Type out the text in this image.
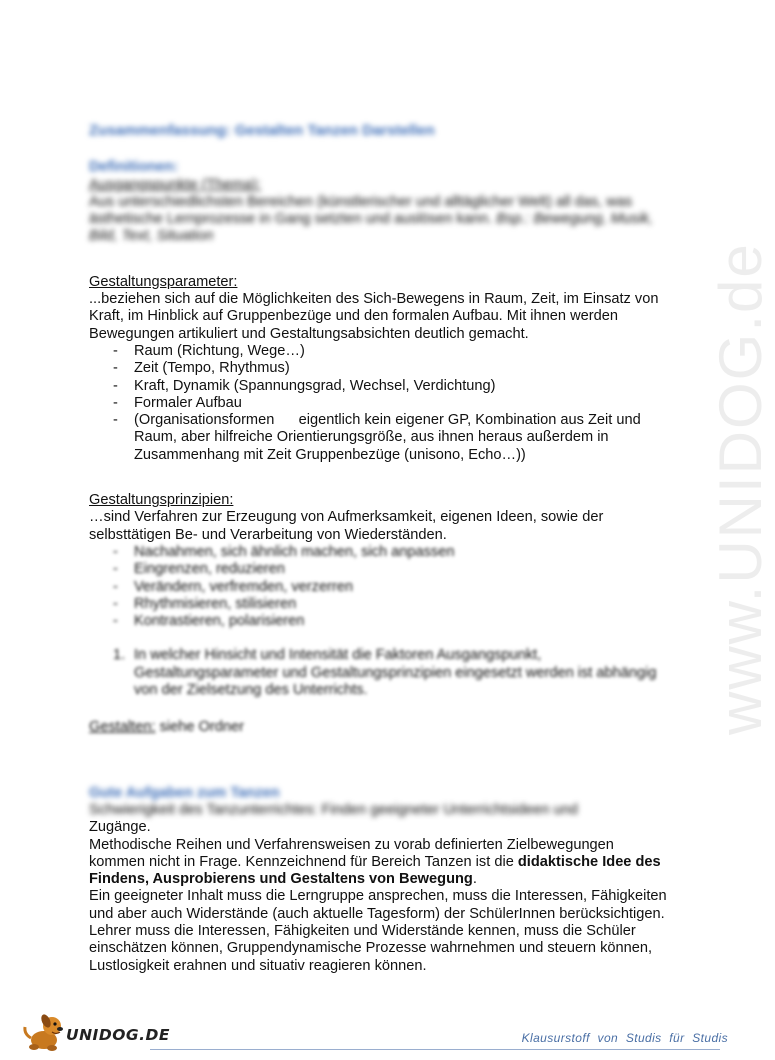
www.UNIDOG.de
Zusammenfassung: Gestalten Tanzen Darstellen
Definitionen:
Ausgangspunkte (Thema):

Aus unterschiedlichsten Bereichen (künstlerischer und alltäglicher Welt) all das, was ästhetische Lernprozesse in Gang setzten und auslösen kann. Bsp.: Bewegung, Musik, Bild, Text, Situation

Gestaltungsparameter:

...beziehen sich auf die Möglichkeiten des Sich-Bewegens in Raum, Zeit, im Einsatz von Kraft, im Hinblick auf Gruppenbezüge und den formalen Aufbau. Mit ihnen werden Bewegungen artikuliert und Gestaltungsabsichten deutlich gemacht.

- Raum (Richtung, Wege…)
- Zeit (Tempo, Rhythmus)
- Kraft, Dynamik (Spannungsgrad, Wechsel, Verdichtung)
- Formaler Aufbau
- (Organisationsformen      eigentlich kein eigener GP, Kombination aus Zeit und Raum, aber hilfreiche Orientierungsgröße, aus ihnen heraus außerdem in Zusammenhang mit Zeit Gruppenbezüge (unisono, Echo…))
Gestaltungsprinzipien:

…sind Verfahren zur Erzeugung von Aufmerksamkeit, eigenen Ideen, sowie der selbsttätigen Be- und Verarbeitung von Wiederständen.

- Nachahmen, sich ähnlich machen, sich anpassen
- Eingrenzen, reduzieren
- Verändern, verfremden, verzerren
- Rhythmisieren, stilisieren
- Kontrastieren, polarisieren
1. In welcher Hinsicht und Intensität die Faktoren Ausgangspunkt, Gestaltungsparameter und Gestaltungsprinzipien eingesetzt werden ist abhängig von der Zielsetzung des Unterrichts.

Gestalten: siehe Ordner

Gute Aufgaben zum Tanzen
Schwierigkeit des Tanzunterrichtes: Finden geeigneter Unterrichtsideen und

Zugänge.

Methodische Reihen und Verfahrensweisen zu vorab definierten Zielbewegungen kommen nicht in Frage. Kennzeichnend für Bereich Tanzen ist die didaktische Idee des Findens, Ausprobierens und Gestaltens von Bewegung.

Ein geeigneter Inhalt muss die Lerngruppe ansprechen, muss die Interessen, Fähigkeiten und aber auch Widerstände (auch aktuelle Tagesform) der SchülerInnen berücksichtigen.      Lehrer muss die Interessen, Fähigkeiten und Widerstände kennen, muss die Schüler einschätzen können, Gruppendynamische Prozesse wahrnehmen und steuern können, Lustlosigkeit erahnen und situativ reagieren können.

UNIDOG.DE	Klausurstoff von Studis für Studis
